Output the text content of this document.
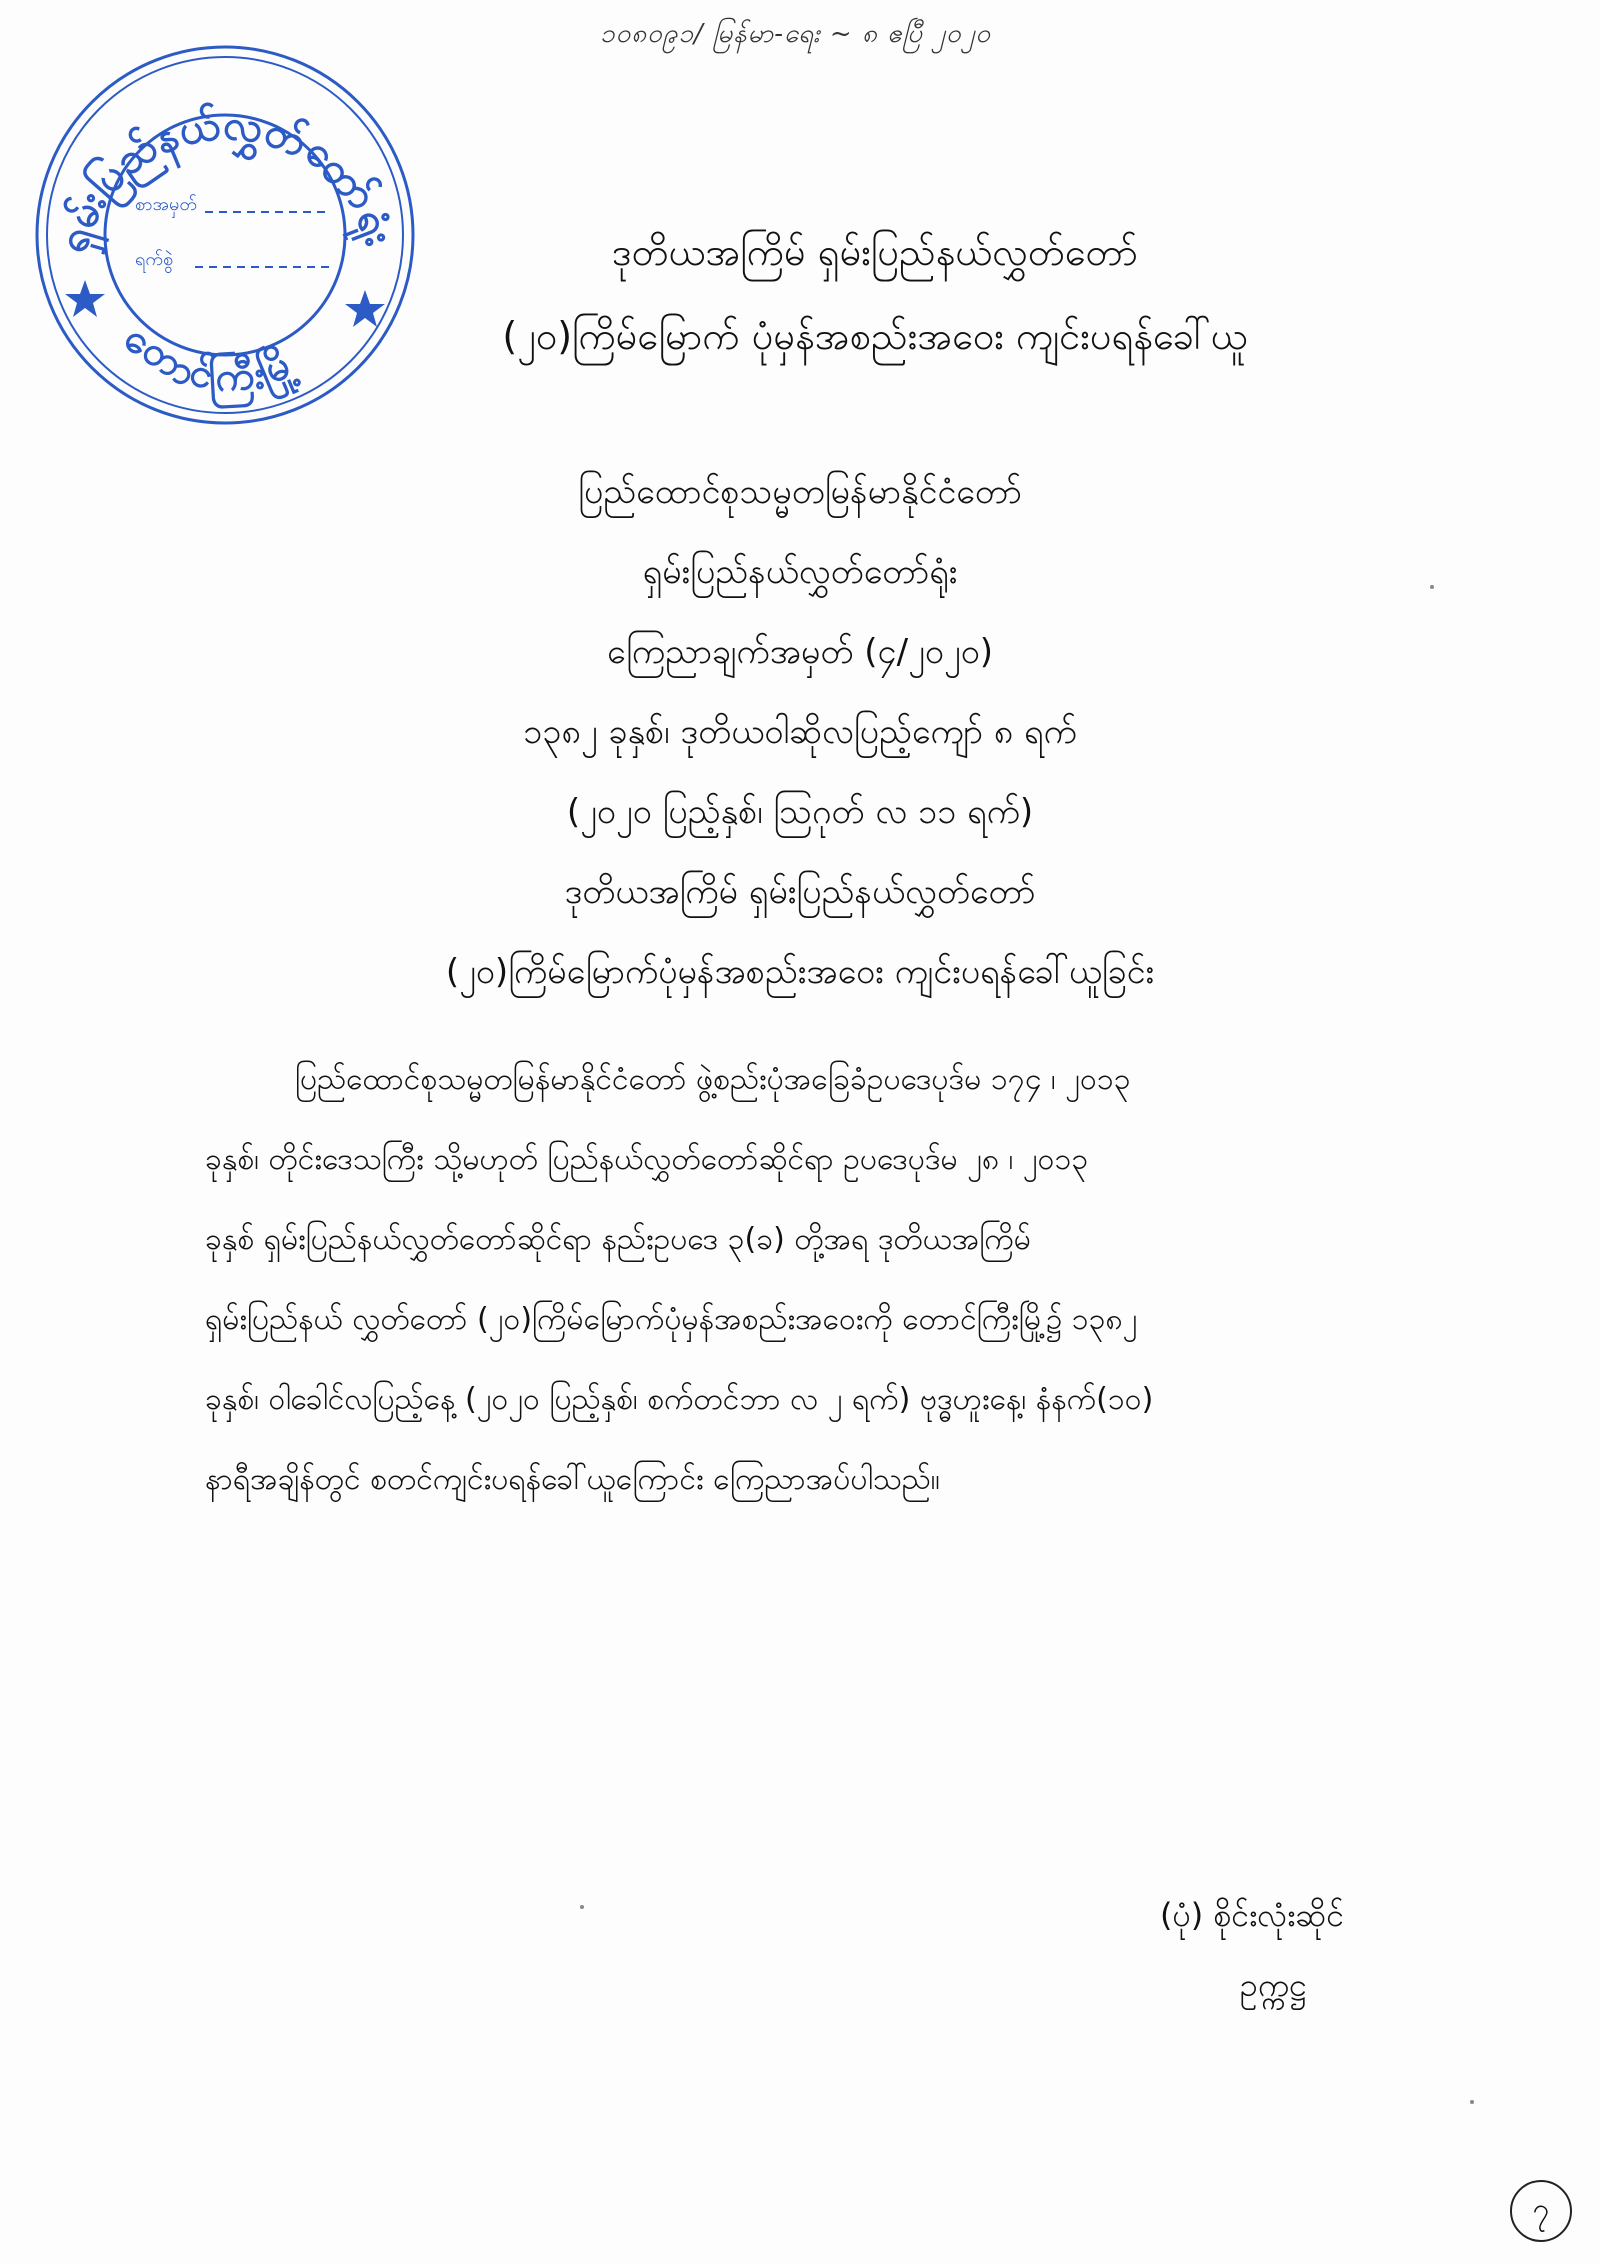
၁၀၈၀၉၁/ မြန်မာ-ရေး ~ ၈ ဧပြီ ၂၀၂၀
ရှမ်းပြည်နယ်လွှတ်တော်ရုံး
တောင်ကြီးမြို့
စာအမှတ်
ရက်စွဲ	ဒုတိယအကြိမ် ရှမ်းပြည်နယ်လွှတ်တော်
(၂၀)ကြိမ်မြောက် ပုံမှန်အစည်းအဝေး ကျင်းပရန်ခေါ်ယူ
ပြည်ထောင်စုသမ္မတမြန်မာနိုင်ငံတော်
ရှမ်းပြည်နယ်လွှတ်တော်ရုံး
ကြေညာချက်အမှတ် (၄/၂၀၂၀)
၁၃၈၂ ခုနှစ်၊ ဒုတိယဝါဆိုလပြည့်ကျော် ၈ ရက်
(၂၀၂၀ ပြည့်နှစ်၊ ဩဂုတ် လ ၁၁ ရက်)
ဒုတိယအကြိမ် ရှမ်းပြည်နယ်လွှတ်တော်
(၂၀)ကြိမ်မြောက်ပုံမှန်အစည်းအဝေး ကျင်းပရန်ခေါ်ယူခြင်း
ပြည်ထောင်စုသမ္မတမြန်မာနိုင်ငံတော် ဖွဲ့စည်းပုံအခြေခံဥပဒေပုဒ်မ ၁၇၄ ၊ ၂၀၁၃
ခုနှစ်၊ တိုင်းဒေသကြီး သို့မဟုတ် ပြည်နယ်လွှတ်တော်ဆိုင်ရာ ဥပဒေပုဒ်မ ၂၈ ၊ ၂၀၁၃
ခုနှစ် ရှမ်းပြည်နယ်လွှတ်တော်ဆိုင်ရာ နည်းဥပဒေ ၃(ခ) တို့အရ ဒုတိယအကြိမ်
ရှမ်းပြည်နယ် လွှတ်တော် (၂၀)ကြိမ်မြောက်ပုံမှန်အစည်းအဝေးကို တောင်ကြီးမြို့၌ ၁၃၈၂
ခုနှစ်၊ ဝါခေါင်လပြည့်နေ့ (၂၀၂၀ ပြည့်နှစ်၊ စက်တင်ဘာ လ ၂ ရက်) ဗုဒ္ဓဟူးနေ့၊ နံနက်(၁၀)
နာရီအချိန်တွင် စတင်ကျင်းပရန်ခေါ်ယူကြောင်း ကြေညာအပ်ပါသည်။
(ပုံ) စိုင်းလုံးဆိုင်
ဥက္ကဋ္ဌ
၇
